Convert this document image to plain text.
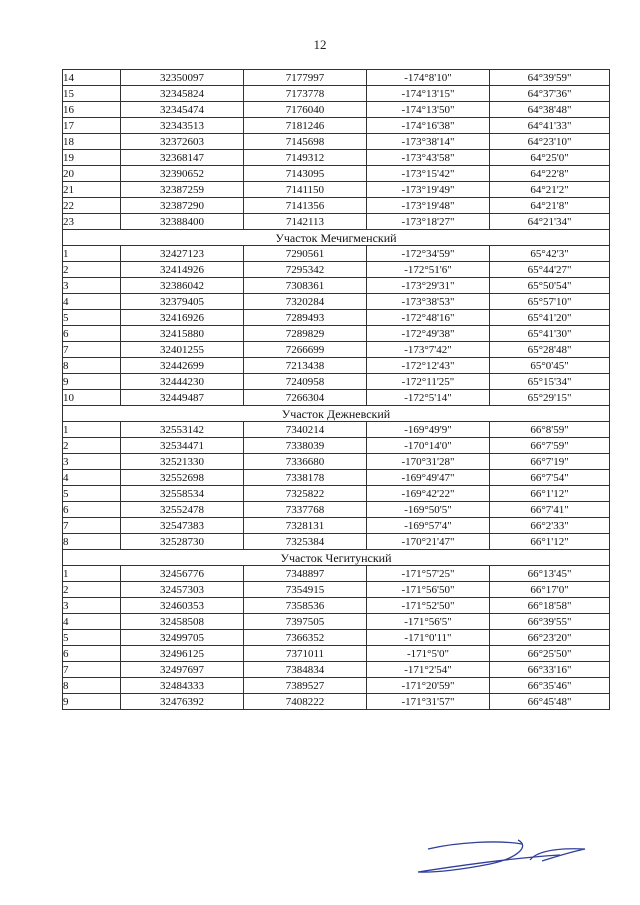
12
14	32350097	7177997	-174°8'10"	64°39'59"
15	32345824	7173778	-174°13'15"	64°37'36"
16	32345474	7176040	-174°13'50"	64°38'48"
17	32343513	7181246	-174°16'38"	64°41'33"
18	32372603	7145698	-173°38'14"	64°23'10"
19	32368147	7149312	-173°43'58"	64°25'0"
20	32390652	7143095	-173°15'42"	64°22'8"
21	32387259	7141150	-173°19'49"	64°21'2"
22	32387290	7141356	-173°19'48"	64°21'8"
23	32388400	7142113	-173°18'27"	64°21'34"
Участок Мечигменский				
1	32427123	7290561	-172°34'59"	65°42'3"
2	32414926	7295342	-172°51'6"	65°44'27"
3	32386042	7308361	-173°29'31"	65°50'54"
4	32379405	7320284	-173°38'53"	65°57'10"
5	32416926	7289493	-172°48'16"	65°41'20"
6	32415880	7289829	-172°49'38"	65°41'30"
7	32401255	7266699	-173°7'42"	65°28'48"
8	32442699	7213438	-172°12'43"	65°0'45"
9	32444230	7240958	-172°11'25"	65°15'34"
10	32449487	7266304	-172°5'14"	65°29'15"
Участок Дежневский				
1	32553142	7340214	-169°49'9"	66°8'59"
2	32534471	7338039	-170°14'0"	66°7'59"
3	32521330	7336680	-170°31'28"	66°7'19"
4	32552698	7338178	-169°49'47"	66°7'54"
5	32558534	7325822	-169°42'22"	66°1'12"
6	32552478	7337768	-169°50'5"	66°7'41"
7	32547383	7328131	-169°57'4"	66°2'33"
8	32528730	7325384	-170°21'47"	66°1'12"
Участок Чегитунский				
1	32456776	7348897	-171°57'25"	66°13'45"
2	32457303	7354915	-171°56'50"	66°17'0"
3	32460353	7358536	-171°52'50"	66°18'58"
4	32458508	7397505	-171°56'5"	66°39'55"
5	32499705	7366352	-171°0'11"	66°23'20"
6	32496125	7371011	-171°5'0"	66°25'50"
7	32497697	7384834	-171°2'54"	66°33'16"
8	32484333	7389527	-171°20'59"	66°35'46"
9	32476392	7408222	-171°31'57"	66°45'48"
